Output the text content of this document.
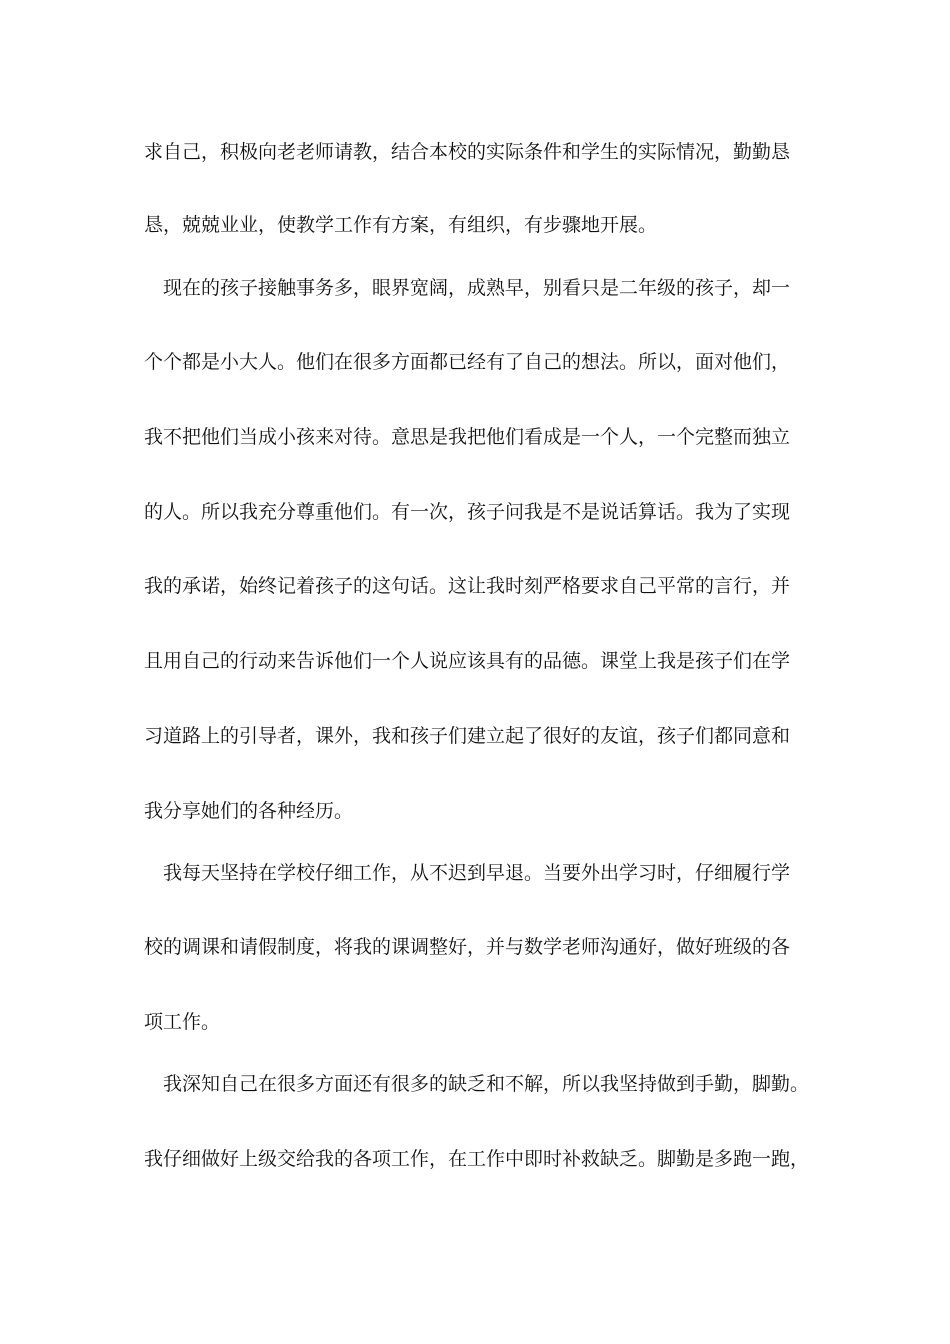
求自己，积极向老老师请教，结合本校的实际条件和学生的实际情况，勤勤恳
恳，兢兢业业，使教学工作有方案，有组织，有步骤地开展。
现在的孩子接触事务多，眼界宽阔，成熟早，别看只是二年级的孩子，却一
个个都是小大人。他们在很多方面都已经有了自己的想法。所以，面对他们，
我不把他们当成小孩来对待。意思是我把他们看成是一个人，一个完整而独立
的人。所以我充分尊重他们。有一次，孩子问我是不是说话算话。我为了实现
我的承诺，始终记着孩子的这句话。这让我时刻严格要求自己平常的言行，并
且用自己的行动来告诉他们一个人说应该具有的品德。课堂上我是孩子们在学
习道路上的引导者，课外，我和孩子们建立起了很好的友谊，孩子们都同意和
我分享她们的各种经历。
我每天坚持在学校仔细工作，从不迟到早退。当要外出学习时，仔细履行学
校的调课和请假制度，将我的课调整好，并与数学老师沟通好，做好班级的各
项工作。
我深知自己在很多方面还有很多的缺乏和不解，所以我坚持做到手勤，脚勤。
我仔细做好上级交给我的各项工作，在工作中即时补救缺乏。脚勤是多跑一跑，
